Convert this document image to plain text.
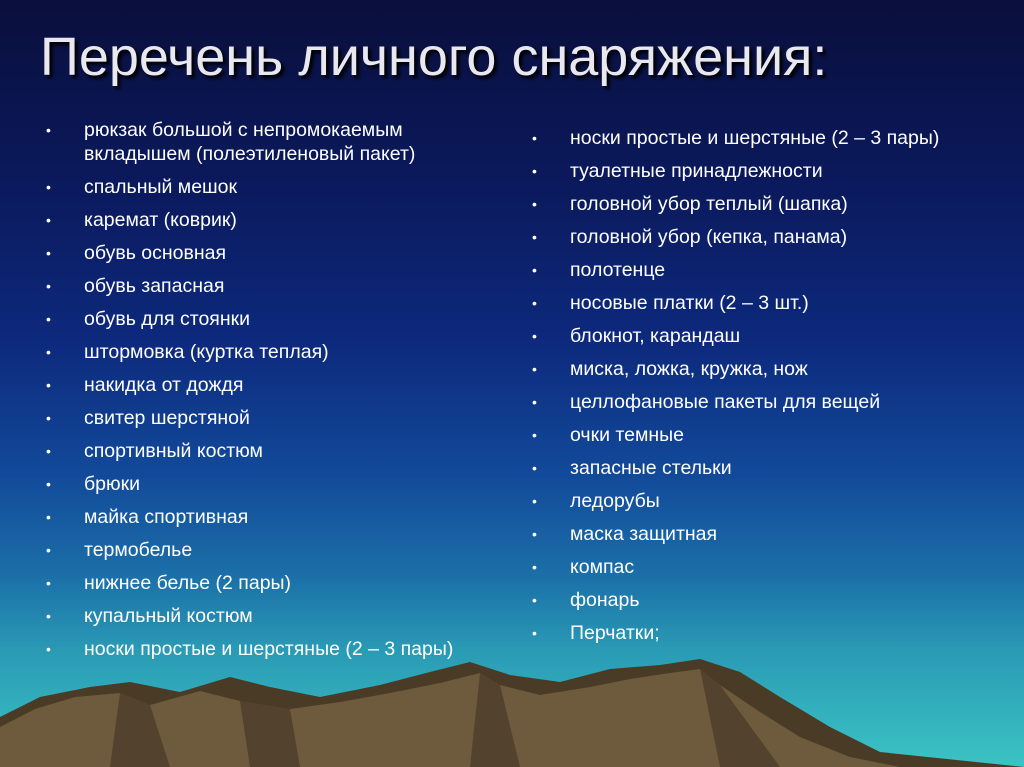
Перечень личного снаряжения:
• рюкзак большой с непромокаемым вкладышем (полеэтиленовый пакет)
• спальный мешок
• каремат (коврик)
• обувь основная
• обувь запасная
• обувь для стоянки
• штормовка (куртка теплая)
• накидка от дождя
• свитер шерстяной
• спортивный костюм
• брюки
• майка спортивная
• термобелье
• нижнее белье (2 пары)
• купальный костюм
• носки простые и шерстяные (2 – 3 пары)
• носки простые и шерстяные (2 – 3 пары)
• туалетные принадлежности
• головной убор теплый (шапка)
• головной убор (кепка, панама)
• полотенце
• носовые платки (2 – 3 шт.)
• блокнот, карандаш
• миска, ложка, кружка, нож
• целлофановые пакеты для вещей
• очки темные
• запасные стельки
• ледорубы
• маска защитная
• компас
• фонарь
• Перчатки;
